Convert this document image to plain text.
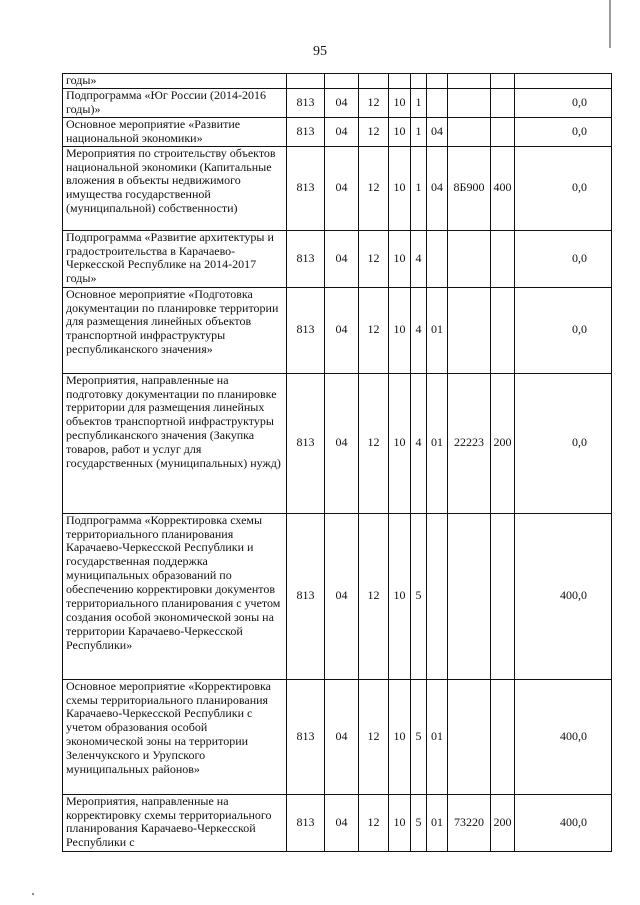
95
годы»									
Подпрограмма «Юг России (2014-2016 годы)»	813	04	12	10	1				0,0
Основное мероприятие «Развитие национальной экономики»	813	04	12	10	1	04			0,0
Мероприятия по строительству объектов национальной экономики (Капитальные вложения в объекты недвижимого имущества государственной (муниципальной) собственности)	813	04	12	10	1	04	8Б900	400	0,0
Подпрограмма «Развитие архитектуры и градостроительства в Карачаево-Черкесской Республике на 2014-2017 годы»	813	04	12	10	4				0,0
Основное мероприятие «Подготовка документации по планировке территории для размещения линейных объектов транспортной инфраструктуры республиканского значения»	813	04	12	10	4	01			0,0
Мероприятия, направленные на подготовку документации по планировке территории для размещения линейных объектов транспортной инфраструктуры республиканского значения (Закупка товаров, работ и услуг для государственных (муниципальных) нужд)	813	04	12	10	4	01	22223	200	0,0
Подпрограмма «Корректировка схемы территориального планирования Карачаево-Черкесской Республики и государственная поддержка муниципальных образований по обеспечению корректировки документов территориального планирования с учетом создания особой экономической зоны на территории Карачаево-Черкесской Республики»	813	04	12	10	5				400,0
Основное мероприятие «Корректировка схемы территориального планирования Карачаево-Черкесской Республики с учетом образования особой экономической зоны на территории Зеленчукского и Урупского муниципальных районов»	813	04	12	10	5	01			400,0
Мероприятия, направленные на корректировку схемы территориального планирования Карачаево-Черкесской Республики с	813	04	12	10	5	01	73220	200	400,0
